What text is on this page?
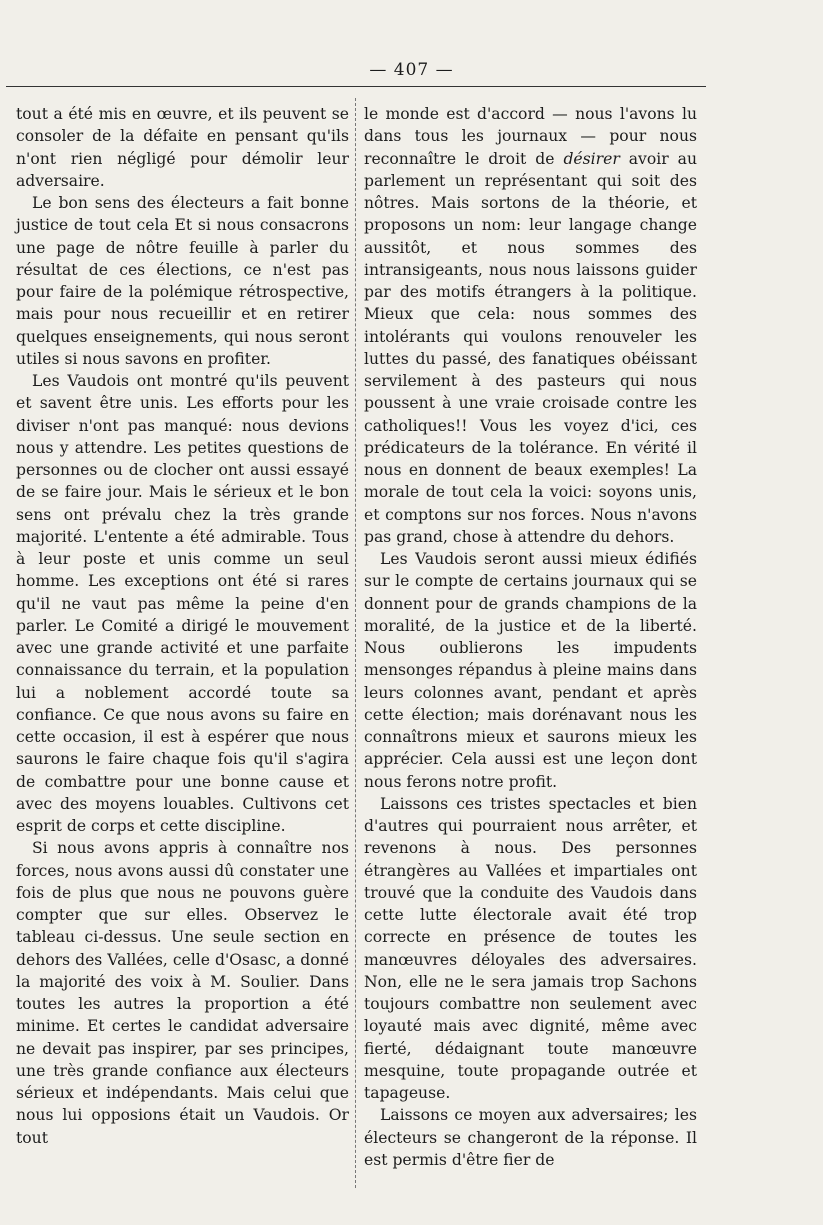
— 407 —

tout a été mis en œuvre, et ils peuvent se consoler de la défaite en pensant qu'ils n'ont rien négligé pour démolir leur adversaire.

Le bon sens des électeurs a fait bonne justice de tout cela Et si nous consacrons une page de nôtre feuille à parler du résultat de ces élections, ce n'est pas pour faire de la polémique rétrospective, mais pour nous recueillir et en retirer quelques enseignements, qui nous seront utiles si nous savons en profiter.

Les Vaudois ont montré qu'ils peuvent et savent être unis. Les efforts pour les diviser n'ont pas manqué: nous devions nous y attendre. Les petites questions de personnes ou de clocher ont aussi essayé de se faire jour. Mais le sérieux et le bon sens ont prévalu chez la très grande majorité. L'entente a été admirable. Tous à leur poste et unis comme un seul homme. Les exceptions ont été si rares qu'il ne vaut pas même la peine d'en parler. Le Comité a dirigé le mouvement avec une grande activité et une parfaite connaissance du terrain, et la population lui a noblement accordé toute sa confiance. Ce que nous avons su faire en cette occasion, il est à espérer que nous saurons le faire chaque fois qu'il s'agira de combattre pour une bonne cause et avec des moyens louables. Cultivons cet esprit de corps et cette discipline.

Si nous avons appris à connaître nos forces, nous avons aussi dû constater une fois de plus que nous ne pouvons guère compter que sur elles. Observez le tableau ci-dessus. Une seule section en dehors des Vallées, celle d'Osasc, a donné la majorité des voix à M. Soulier. Dans toutes les autres la proportion a été minime. Et certes le candidat adversaire ne devait pas inspirer, par ses principes, une très grande confiance aux électeurs sérieux et indépendants. Mais celui que nous lui opposions était un Vaudois. Or tout

le monde est d'accord — nous l'avons lu dans tous les journaux — pour nous reconnaître le droit de désirer avoir au parlement un représentant qui soit des nôtres. Mais sortons de la théorie, et proposons un nom: leur langage change aussitôt, et nous sommes des intransigeants, nous nous laissons guider par des motifs étrangers à la politique. Mieux que cela: nous sommes des intolérants qui voulons renouveler les luttes du passé, des fanatiques obéissant servilement à des pasteurs qui nous poussent à une vraie croisade contre les catholiques!! Vous les voyez d'ici, ces prédicateurs de la tolérance. En vérité il nous en donnent de beaux exemples! La morale de tout cela la voici: soyons unis, et comptons sur nos forces. Nous n'avons pas grand, chose à attendre du dehors.

Les Vaudois seront aussi mieux édifiés sur le compte de certains journaux qui se donnent pour de grands champions de la moralité, de la justice et de la liberté. Nous oublierons les impudents mensonges répandus à pleine mains dans leurs colonnes avant, pendant et après cette élection; mais dorénavant nous les connaîtrons mieux et saurons mieux les apprécier. Cela aussi est une leçon dont nous ferons notre profit.

Laissons ces tristes spectacles et bien d'autres qui pourraient nous arrêter, et revenons à nous. Des personnes étrangères au Vallées et impartiales ont trouvé que la conduite des Vaudois dans cette lutte électorale avait été trop correcte en présence de toutes les manœuvres déloyales des adversaires. Non, elle ne le sera jamais trop Sachons toujours combattre non seulement avec loyauté mais avec dignité, même avec fierté, dédaignant toute manœuvre mesquine, toute propagande outrée et tapageuse.

Laissons ce moyen aux adversaires; les électeurs se changeront de la réponse. Il est permis d'être fier de
